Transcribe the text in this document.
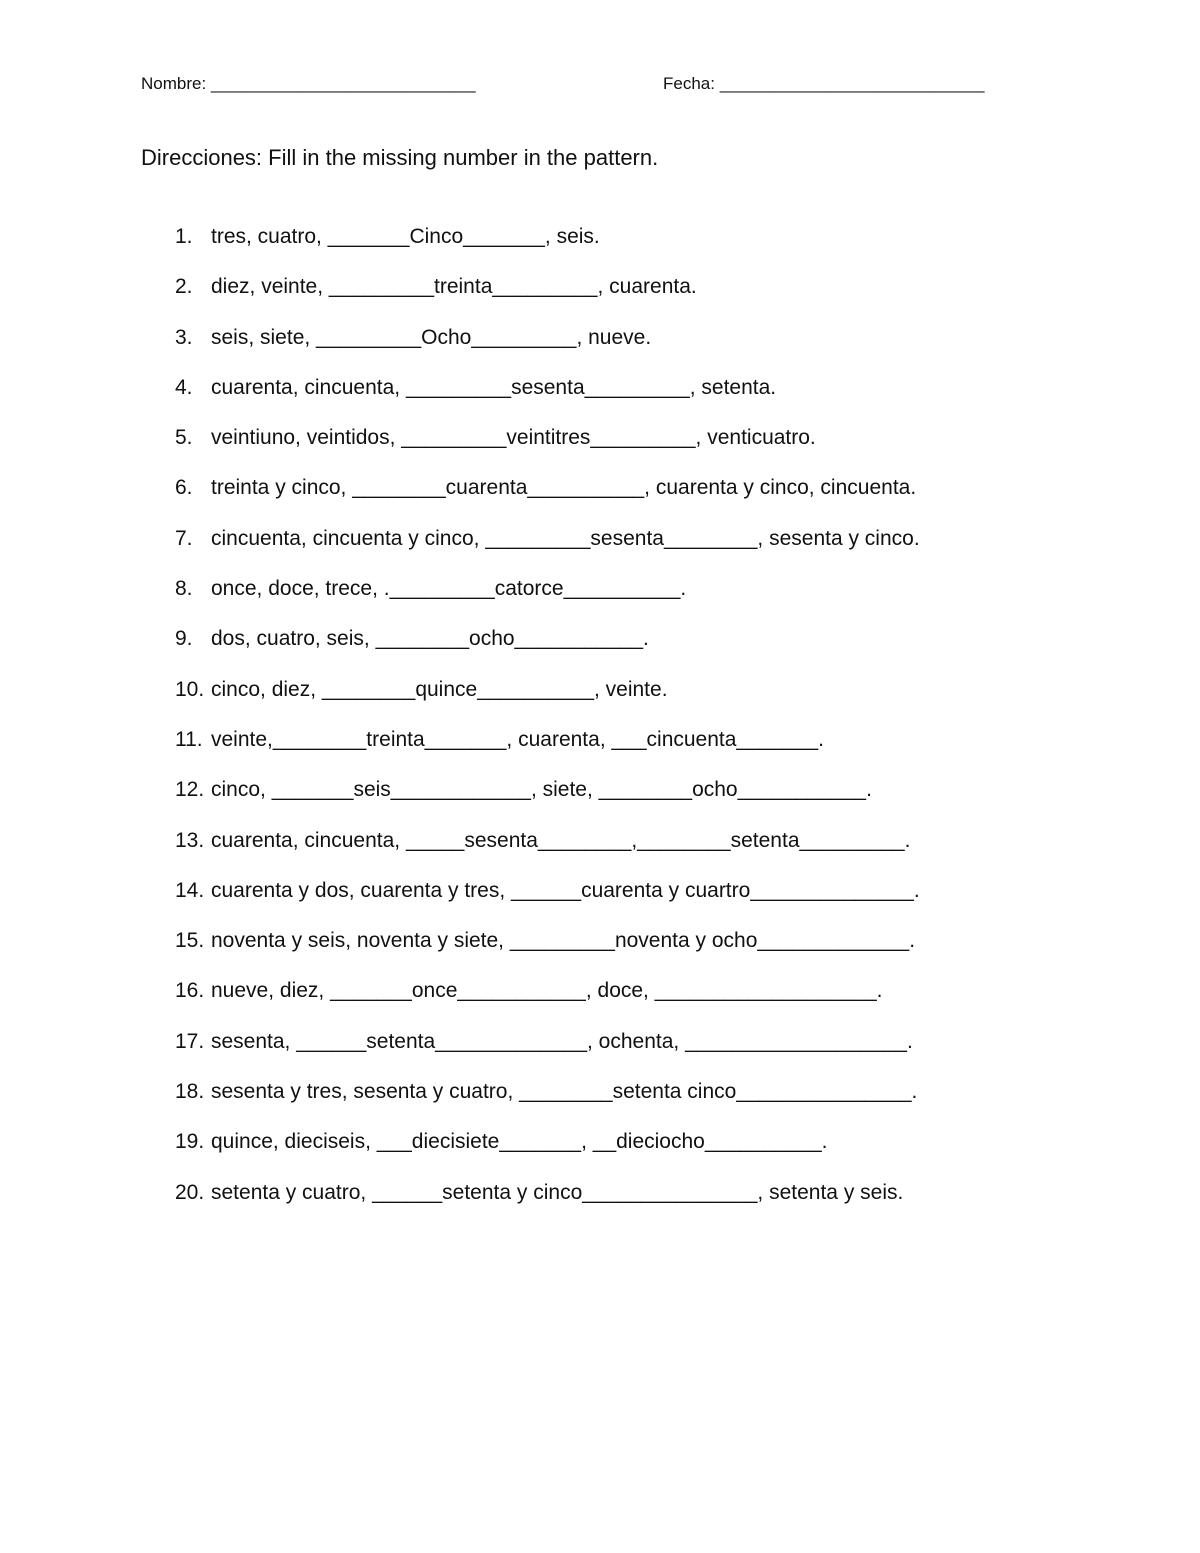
Nombre: ____________________________	Fecha: ____________________________
Direcciones: Fill in the missing number in the pattern.
1. tres, cuatro, _______Cinco_______, seis.
2. diez, veinte, _________treinta_________, cuarenta.
3. seis, siete, _________Ocho_________, nueve.
4. cuarenta, cincuenta, _________sesenta_________, setenta.
5. veintiuno, veintidos, _________veintitres_________, venticuatro.
6. treinta y cinco, ________cuarenta__________, cuarenta y cinco, cincuenta.
7. cincuenta, cincuenta y cinco, _________sesenta________, sesenta y cinco.
8. once, doce, trece, ._________catorce__________.
9. dos, cuatro, seis, ________ocho___________.
10. cinco, diez, ________quince__________, veinte.
11. veinte,________treinta_______, cuarenta, ___cincuenta_______.
12. cinco, _______seis____________, siete, ________ocho___________.
13. cuarenta, cincuenta, _____sesenta________,________setenta_________.
14. cuarenta y dos, cuarenta y tres, ______cuarenta y cuartro______________.
15. noventa y seis, noventa y siete, _________noventa y ocho_____________.
16. nueve, diez, _______once___________, doce, ___________________.
17. sesenta, ______setenta_____________, ochenta, ___________________.
18. sesenta y tres, sesenta y cuatro, ________setenta cinco_______________.
19. quince, dieciseis, ___diecisiete_______, __dieciocho__________.
20. setenta y cuatro, ______setenta y cinco_______________, setenta y seis.
